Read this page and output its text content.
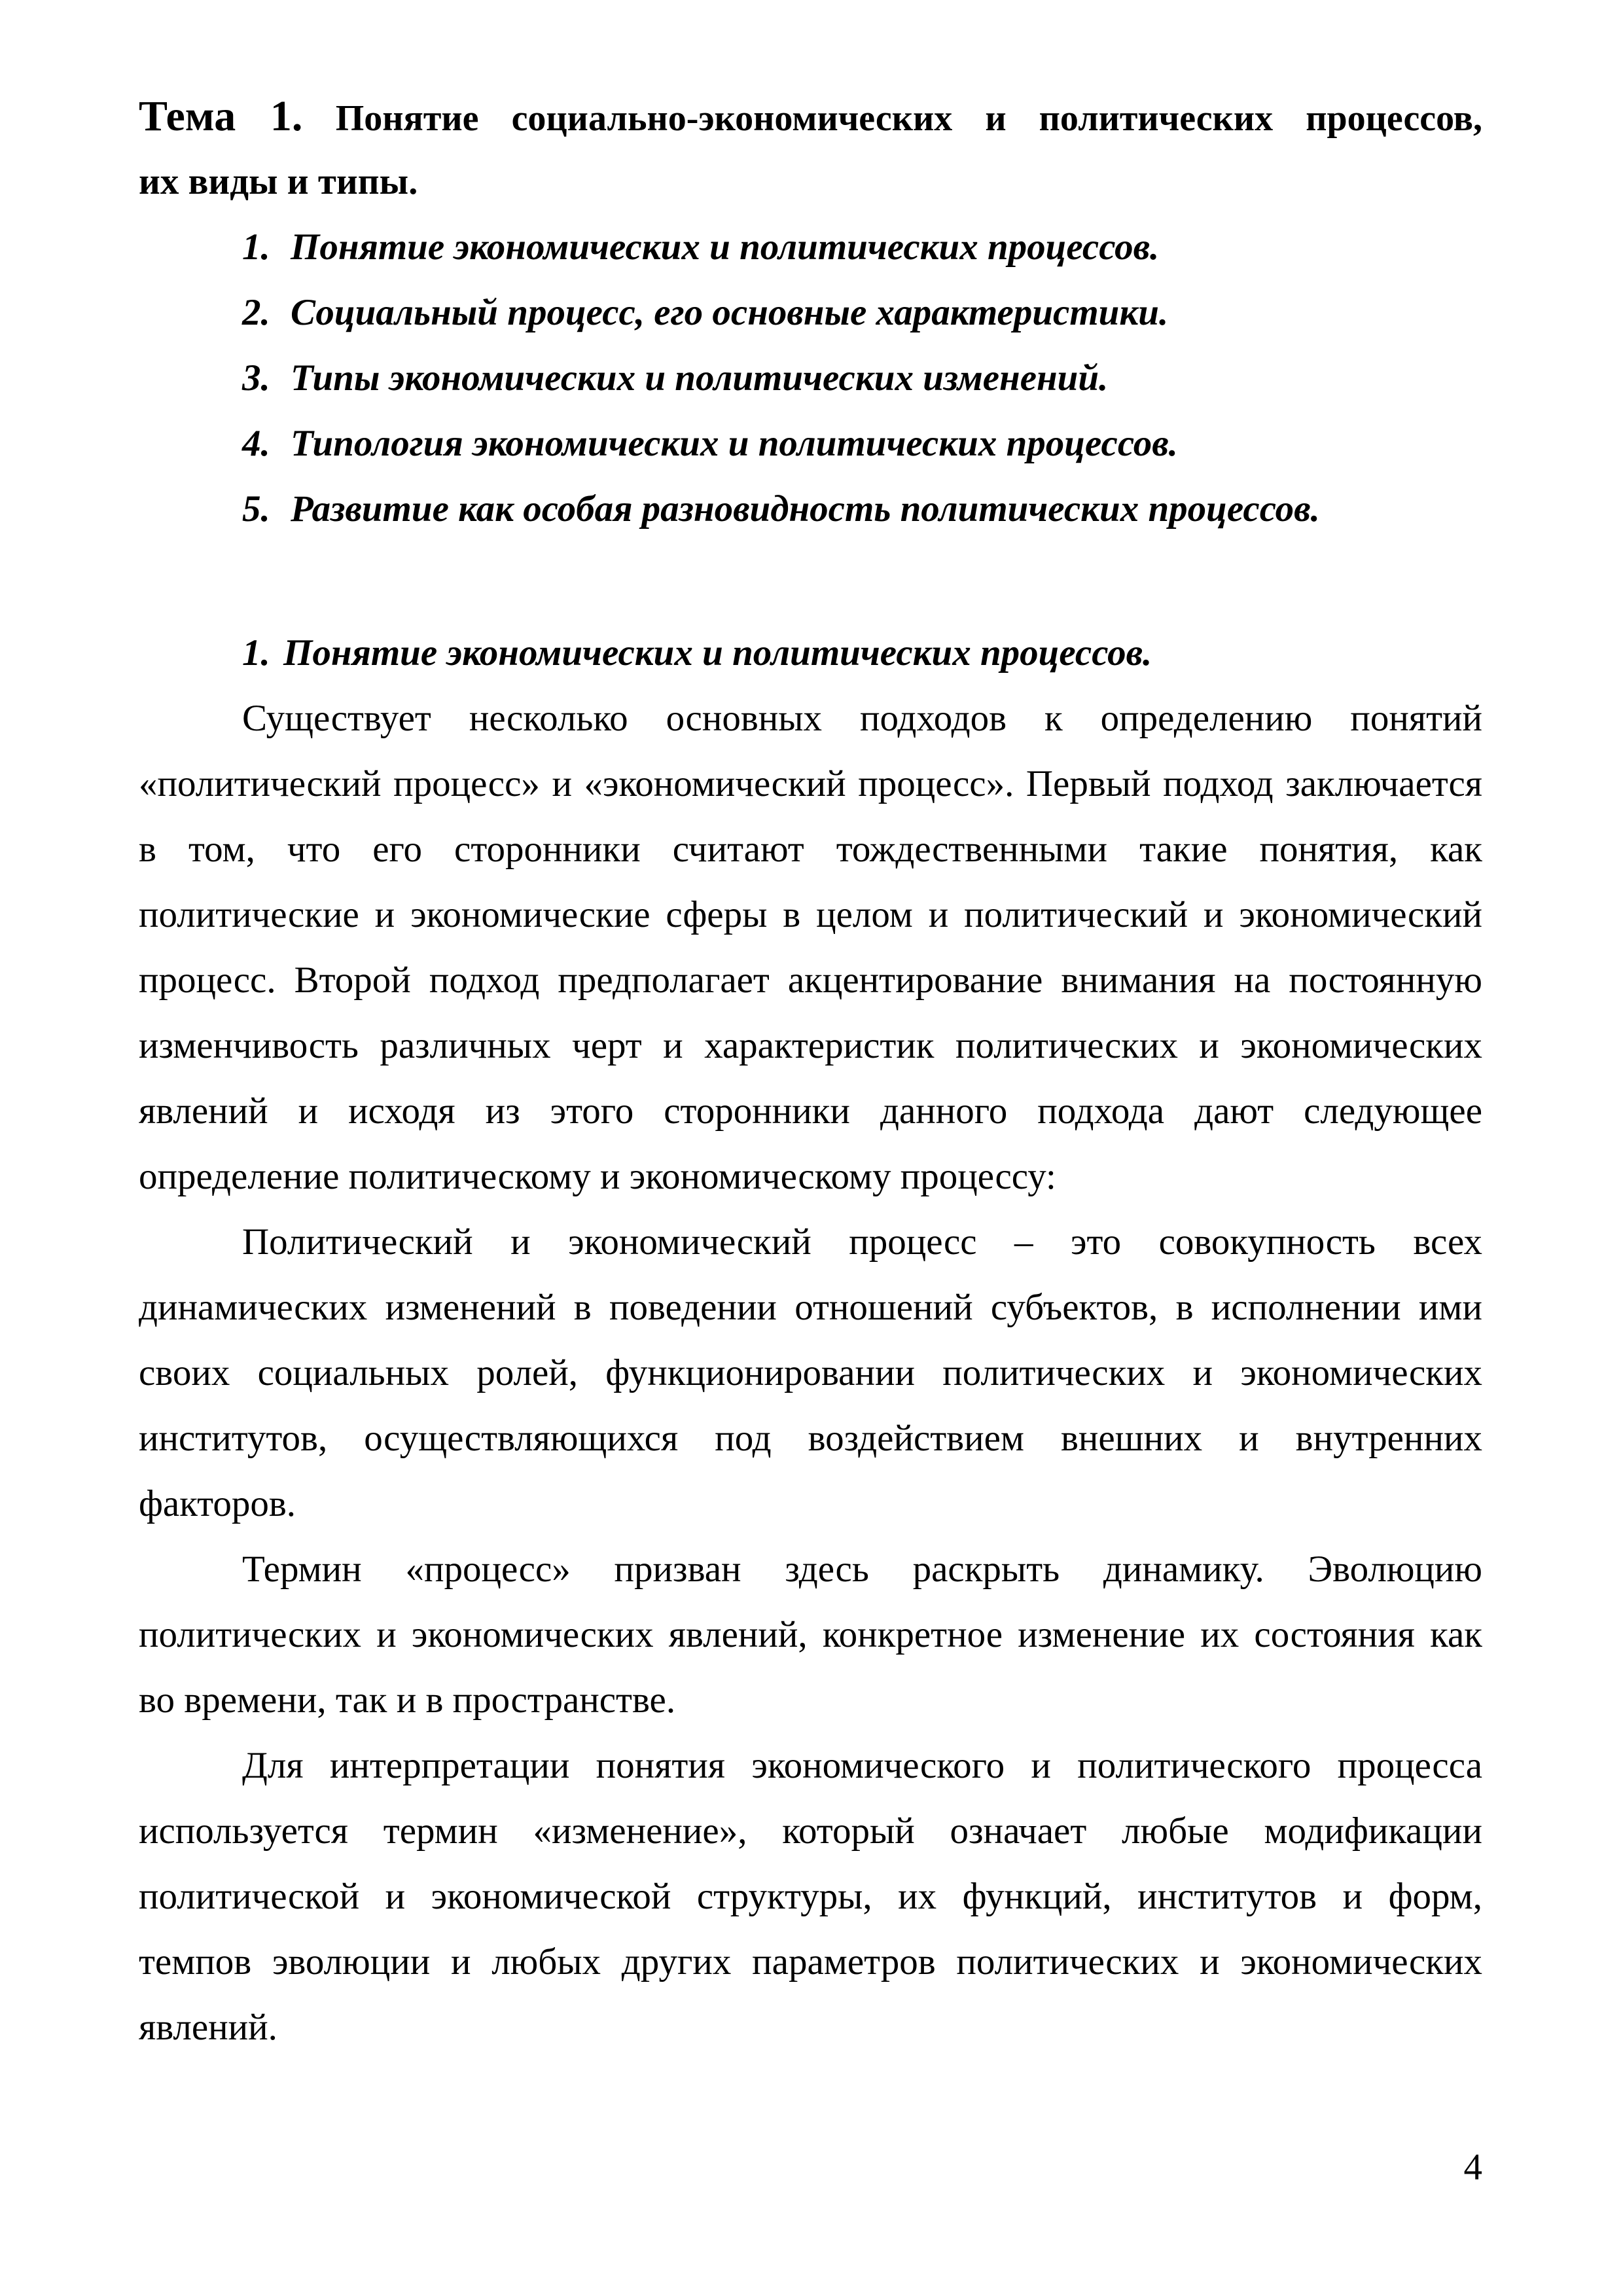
Тема 1. Понятие социально-экономических и политических процессов,
их виды и типы.
1. Понятие экономических и политических процессов.
2. Социальный процесс, его основные характеристики.
3. Типы экономических и политических изменений.
4. Типология экономических и политических процессов.
5. Развитие как особая разновидность политических процессов.
1. Понятие экономических и политических процессов.
Существует несколько основных подходов к определению понятий
«политический процесс» и «экономический процесс». Первый подход заключается
в том, что его сторонники считают тождественными такие понятия, как
политические и экономические сферы в целом и политический и экономический
процесс. Второй подход предполагает акцентирование внимания на постоянную
изменчивость различных черт и характеристик политических и экономических
явлений и исходя из этого сторонники данного подхода дают следующее
определение политическому и экономическому процессу:
Политический и экономический процесс – это совокупность всех
динамических изменений в поведении отношений субъектов, в исполнении ими
своих социальных ролей, функционировании политических и экономических
институтов, осуществляющихся под воздействием внешних и внутренних
факторов.
Термин «процесс» призван здесь раскрыть динамику. Эволюцию
политических и экономических явлений, конкретное изменение их состояния как
во времени, так и в пространстве.
Для интерпретации понятия экономического и политического процесса
используется термин «изменение», который означает любые модификации
политической и экономической структуры, их функций, институтов и форм,
темпов эволюции и любых других параметров политических и экономических
явлений.
4
